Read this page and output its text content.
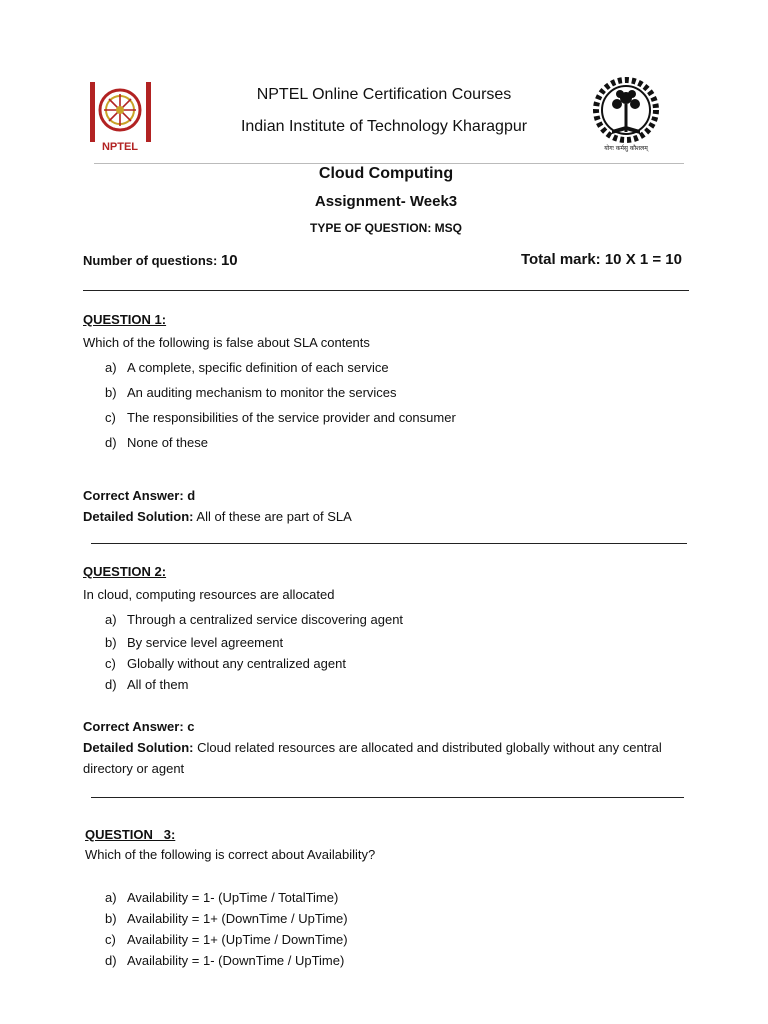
NPTEL
NPTEL Online Certification Courses
Indian Institute of Technology Kharagpur
योगः कर्मसु कौशलम्
Cloud Computing
Assignment- Week3
TYPE OF QUESTION: MSQ
Number of questions: 10	Total mark: 10 X 1 = 10
QUESTION 1:
Which of the following is false about SLA contents
a) A complete, specific definition of each service
b) An auditing mechanism to monitor the services
c) The responsibilities of the service provider and consumer
d) None of these
Correct Answer: d
Detailed Solution: All of these are part of SLA
QUESTION 2:
In cloud, computing resources are allocated
a) Through a centralized service discovering agent
b) By service level agreement
c) Globally without any centralized agent
d) All of them
Correct Answer: c
Detailed Solution: Cloud related resources are allocated and distributed globally without any central directory or agent
QUESTION   3:
Which of the following is correct about Availability?
a) Availability = 1- (UpTime / TotalTime)
b) Availability = 1+ (DownTime / UpTime)
c) Availability = 1+ (UpTime / DownTime)
d) Availability = 1- (DownTime / UpTime)
